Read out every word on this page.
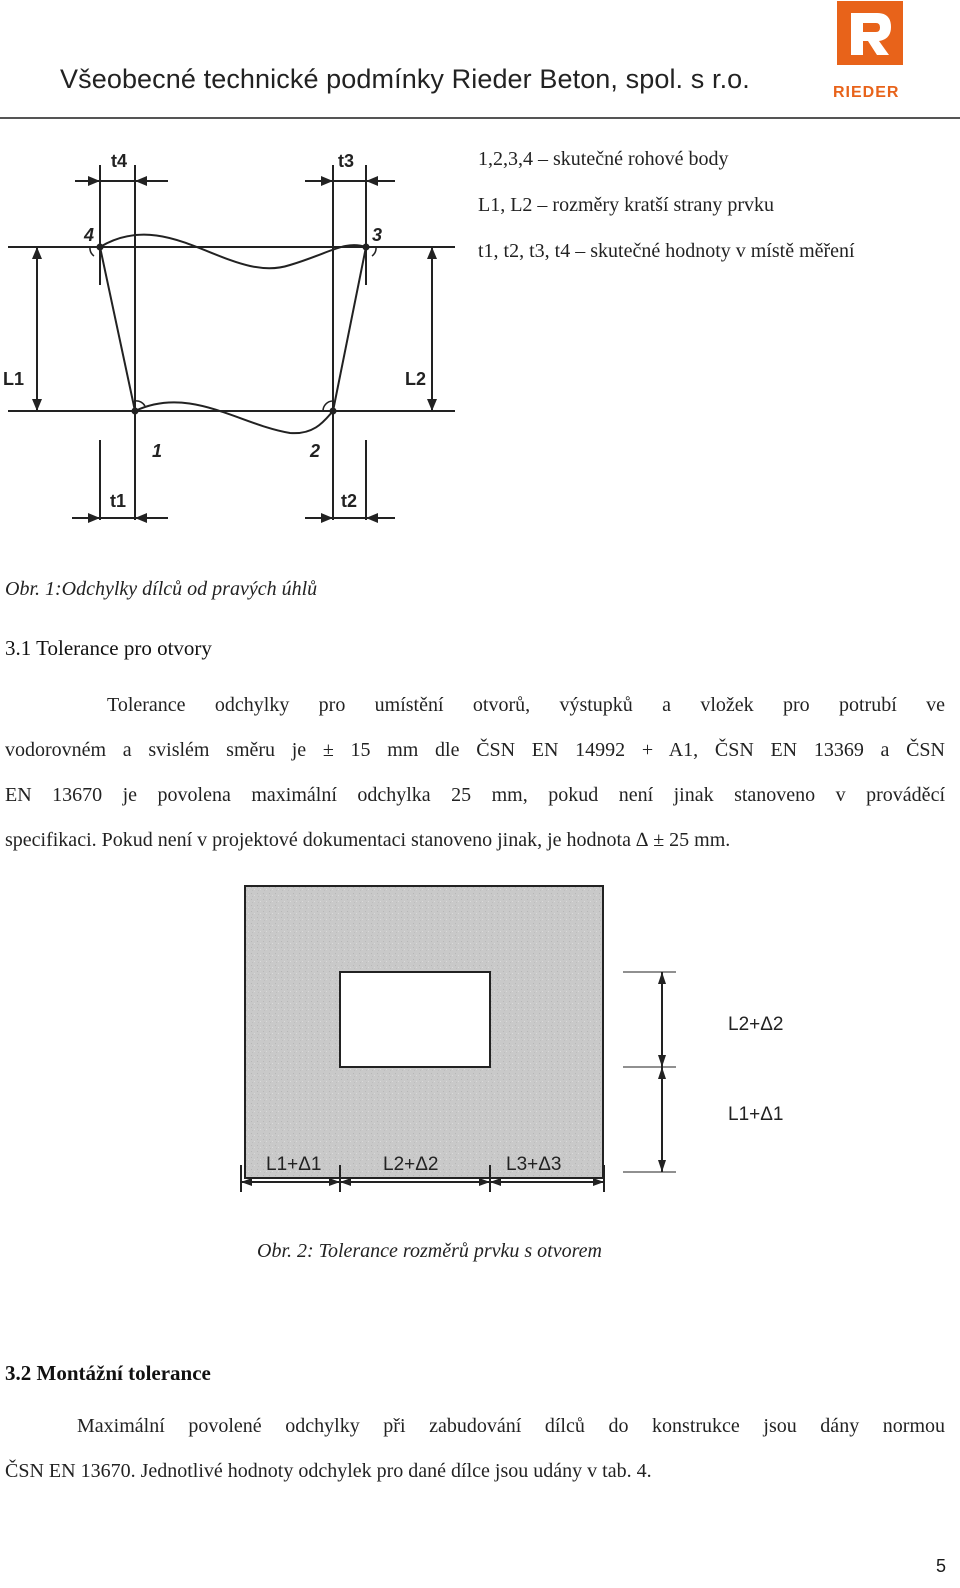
Všeobecné technické podmínky Rieder Beton, spol. s r.o.	RIEDER
t4	t3
t1	t2
L1	L2
4	3
1	2
1,2,3,4 – skutečné rohové body
L1, L2 – rozměry kratší strany prvku
t1, t2, t3, t4 – skutečné hodnoty v místě měření
Obr. 1:Odchylky dílců od pravých úhlů
3.1 Tolerance pro otvory
Tolerance odchylky pro umístění otvorů, výstupků a vložek pro potrubí ve
vodorovném a svislém směru je ± 15 mm dle ČSN EN 14992 + A1, ČSN EN 13369 a ČSN
EN 13670 je povolena maximální odchylka 25 mm, pokud není jinak stanoveno v prováděcí
specifikaci. Pokud není v projektové dokumentaci stanoveno jinak, je hodnota ∆ ± 25 mm.
L1+Δ1	L2+Δ2	L3+Δ3
L2+Δ2
L1+Δ1
Obr. 2: Tolerance rozměrů prvku s otvorem
3.2 Montážní tolerance
Maximální povolené odchylky při zabudování dílců do konstrukce jsou dány normou
ČSN EN 13670. Jednotlivé hodnoty odchylek pro dané dílce jsou udány v tab. 4.
5
